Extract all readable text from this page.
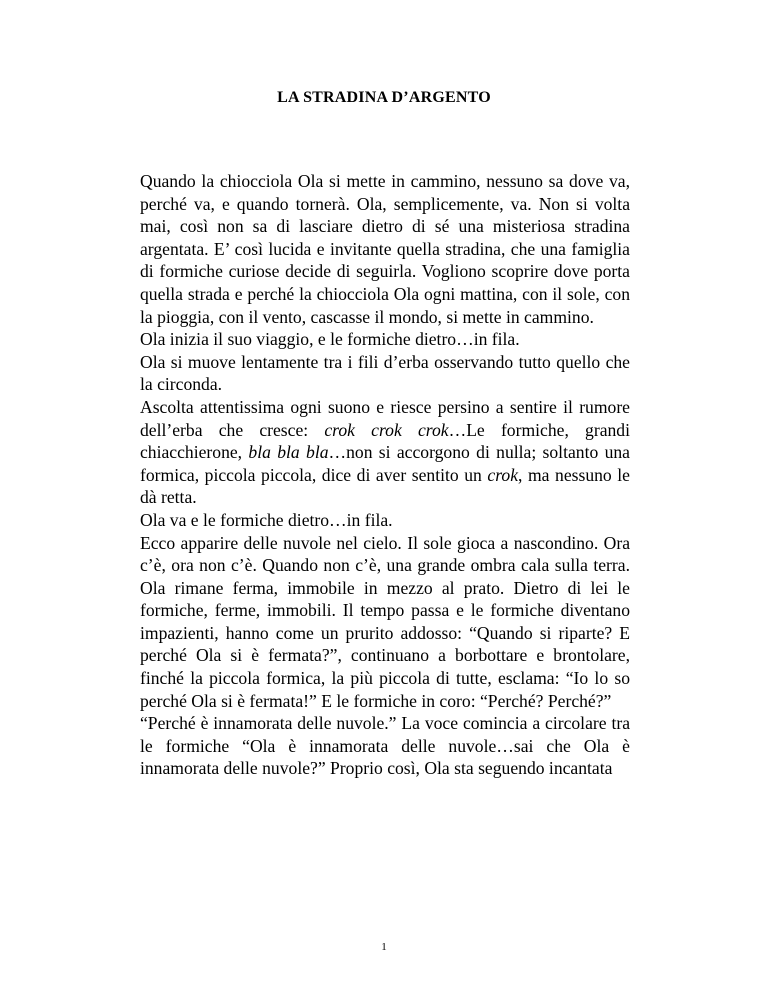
LA STRADINA D’ARGENTO

Quando la chiocciola Ola si mette in cammino, nessuno sa dove va, perché va, e quando tornerà. Ola, semplicemente, va. Non si volta mai, così non sa di lasciare dietro di sé una misteriosa stradina argentata. E’ così lucida e invitante quella stradina, che una famiglia di formiche curiose decide di seguirla. Vogliono scoprire dove porta quella strada e perché la chiocciola Ola ogni mattina, con il sole, con la pioggia, con il vento, cascasse il mondo, si mette in cammino.

Ola inizia il suo viaggio, e le formiche dietro…in fila.

Ola si muove lentamente tra i fili d’erba osservando tutto quello che la circonda.

Ascolta attentissima ogni suono e riesce persino a sentire il rumore dell’erba che cresce: crok crok crok…Le formiche, grandi chiacchierone, bla bla bla…non si accorgono di nulla; soltanto una formica, piccola piccola, dice di aver sentito un crok, ma nessuno le dà retta.

Ola va e le formiche dietro…in fila.

Ecco apparire delle nuvole nel cielo. Il sole gioca a nascondino. Ora c’è, ora non c’è. Quando non c’è, una grande ombra cala sulla terra. Ola rimane ferma, immobile in mezzo al prato. Dietro di lei le formiche, ferme, immobili. Il tempo passa e le formiche diventano impazienti, hanno come un prurito addosso: “Quando si riparte? E perché Ola si è fermata?”, continuano a borbottare e brontolare, finché la piccola formica, la più piccola di tutte, esclama: “Io lo so perché Ola si è fermata!” E le formiche in coro: “Perché? Perché?”

“Perché è innamorata delle nuvole.” La voce comincia a circolare tra le formiche “Ola è innamorata delle nuvole…sai che Ola è innamorata delle nuvole?” Proprio così, Ola sta seguendo incantata

1
